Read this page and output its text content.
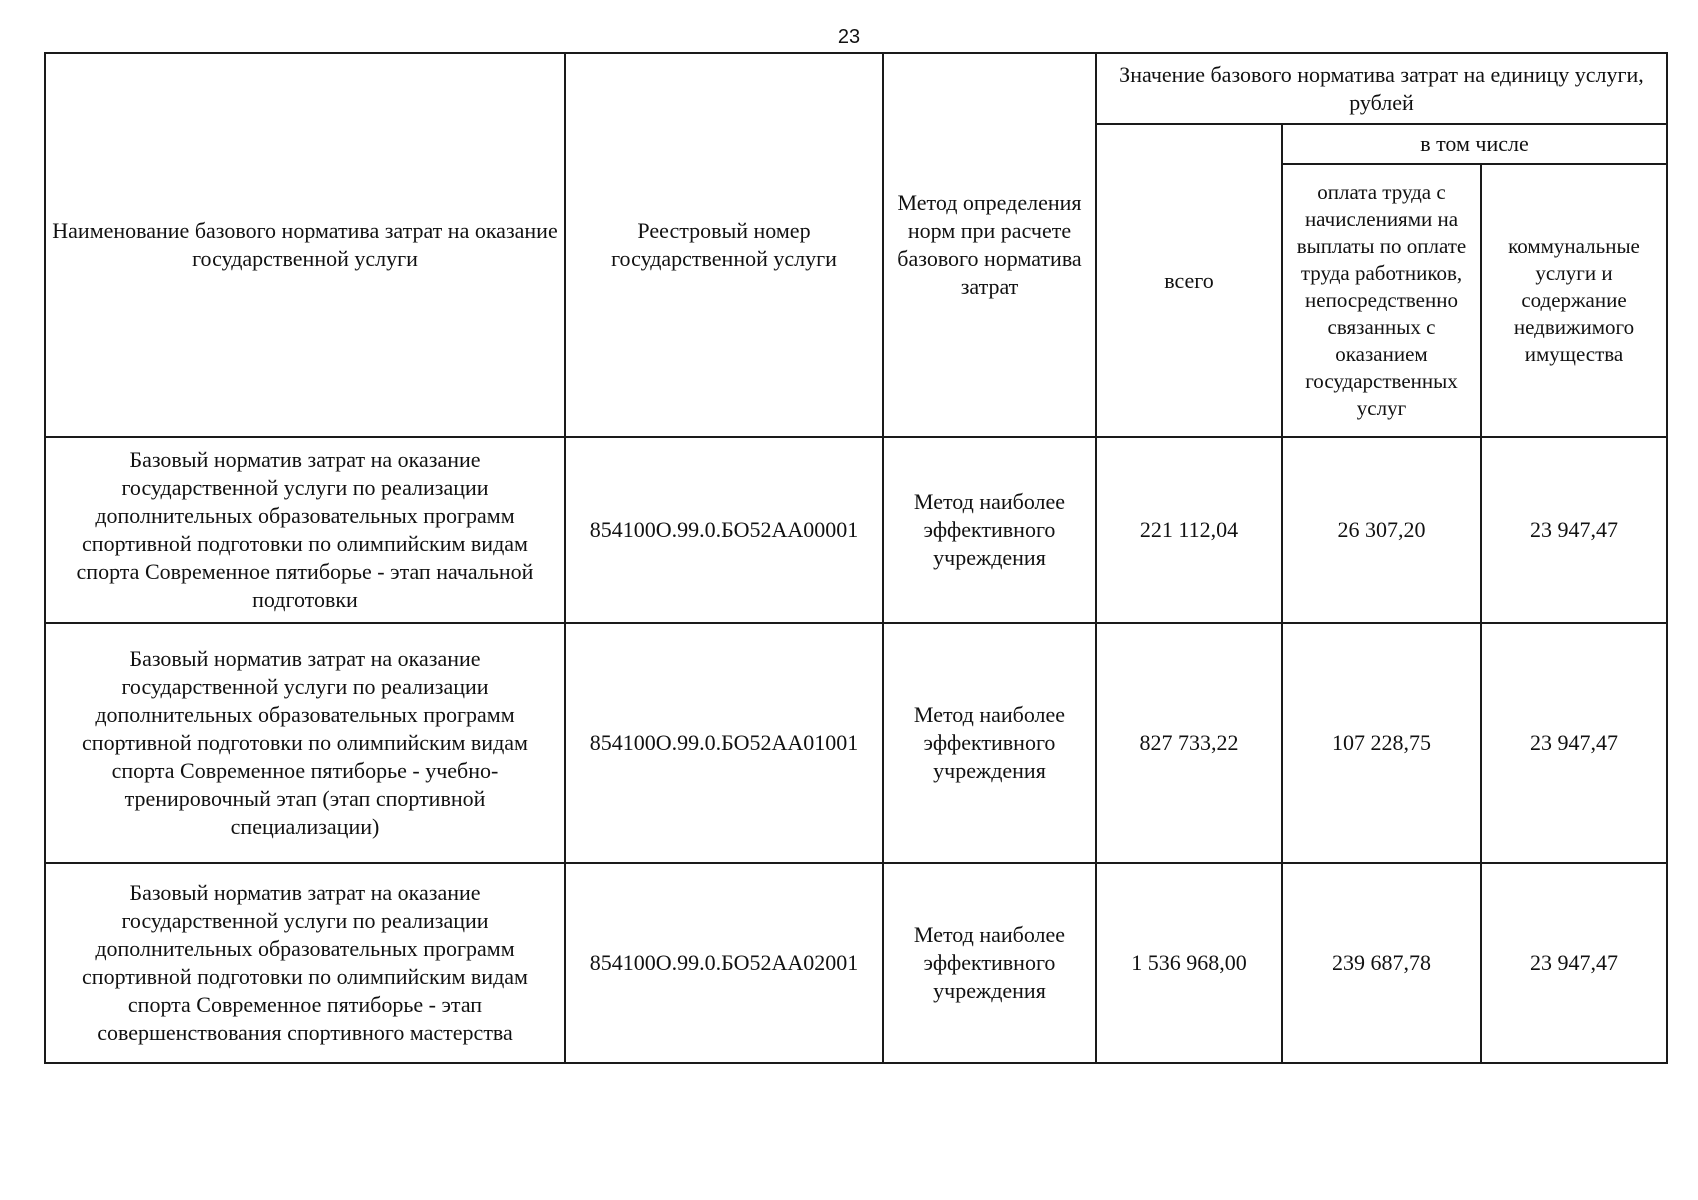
23
Наименование базового норматива затрат на оказание государственной услуги	Реестровый номер государственной услуги	Метод определения норм при расчете базового норматива затрат	Значение базового норматива затрат на единицу услуги, рублей		
			всего	в том числе	
				оплата труда с начислениями на выплаты по оплате труда работников, непосредственно связанных с оказанием государственных услуг	коммунальные услуги и содержание недвижимого имущества
Базовый норматив затрат на оказание государственной услуги по реализации дополнительных образовательных программ спортивной подготовки по олимпийским видам спорта Современное пятиборье - этап начальной подготовки	854100О.99.0.БО52АА00001	Метод наиболее эффективного учреждения	221 112,04	26 307,20	23 947,47
Базовый норматив затрат на оказание государственной услуги по реализации дополнительных образовательных программ спортивной подготовки по олимпийским видам спорта Современное пятиборье - учебно-тренировочный этап (этап спортивной специализации)	854100О.99.0.БО52АА01001	Метод наиболее эффективного учреждения	827 733,22	107 228,75	23 947,47
Базовый норматив затрат на оказание государственной услуги по реализации дополнительных образовательных программ спортивной подготовки по олимпийским видам спорта Современное пятиборье - этап совершенствования спортивного мастерства	854100О.99.0.БО52АА02001	Метод наиболее эффективного учреждения	1 536 968,00	239 687,78	23 947,47
